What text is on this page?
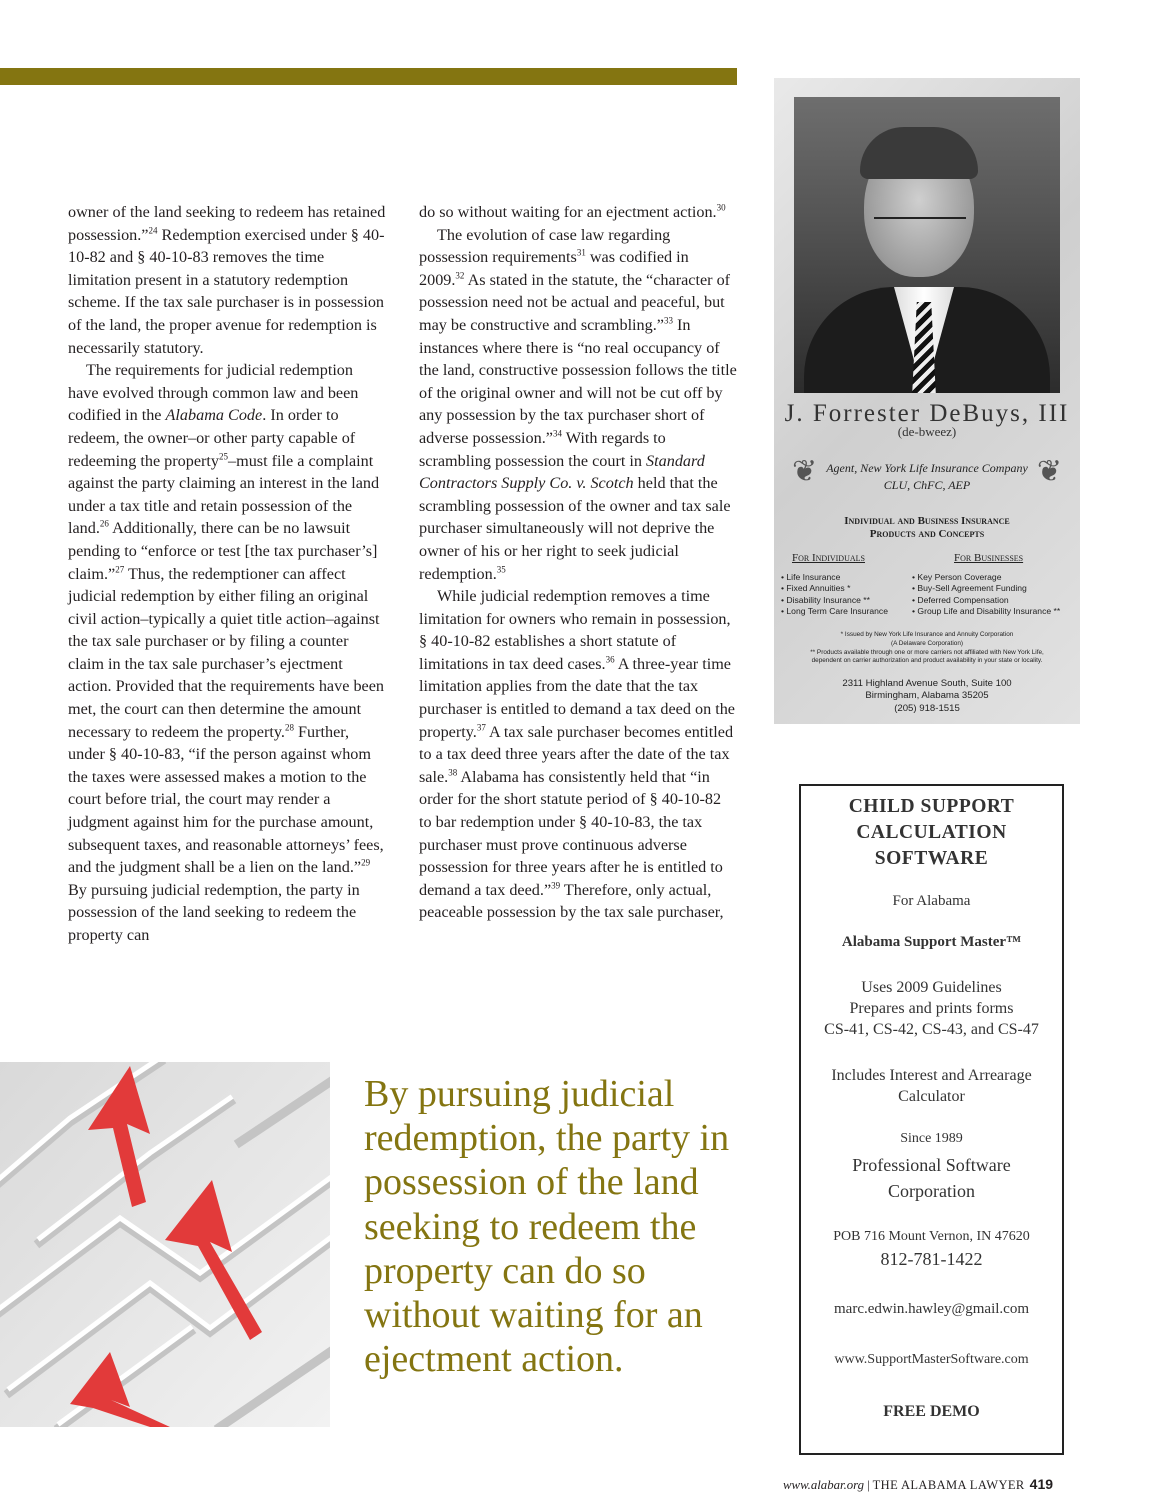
owner of the land seeking to redeem has retained possession.”$^{24}$ Redemption exercised under § 40-10-82 and § 40-10-83 removes the time limitation present in a statutory redemption scheme. If the tax sale purchaser is in possession of the land, the proper avenue for redemption is necessarily statutory.

The requirements for judicial redemption have evolved through common law and been codified in the Alabama Code. In order to redeem, the owner–or other party capable of redeeming the property$^{25}$–must file a complaint against the party claiming an interest in the land under a tax title and retain possession of the land.$^{26}$ Additionally, there can be no lawsuit pending to “enforce or test [the tax purchaser’s] claim.”$^{27}$ Thus, the redemptioner can affect judicial redemption by either filing an original civil action–typically a quiet title action–against the tax sale purchaser or by filing a counter claim in the tax sale purchaser’s ejectment action. Provided that the requirements have been met, the court can then determine the amount necessary to redeem the property.$^{28}$ Further, under § 40-10-83, “if the person against whom the taxes were assessed makes a motion to the court before trial, the court may render a judgment against him for the purchase amount, subsequent taxes, and reasonable attorneys’ fees, and the judgment shall be a lien on the land.”$^{29}$ By pursuing judicial redemption, the party in possession of the land seeking to redeem the property can

do so without waiting for an ejectment action.$^{30}$

The evolution of case law regarding possession requirements$^{31}$ was codified in 2009.32 As stated in the statute, the “character of possession need not be actual and peaceful, but may be constructive and scrambling.”$^{33}$ In instances where there is “no real occupancy of the land, constructive possession follows the title of the original owner and will not be cut off by any possession by the tax purchaser short of adverse possession.”$^{34}$ With regards to scrambling possession the court in Standard Contractors Supply Co. v. Scotch held that the scrambling possession of the owner and tax sale purchaser simultaneously will not deprive the owner of his or her right to seek judicial redemption.$^{35}$

While judicial redemption removes a time limitation for owners who remain in possession, § 40-10-82 establishes a short statute of limitations in tax deed cases.$^{36}$ A three-year time limitation applies from the date that the tax purchaser is entitled to demand a tax deed on the property.$^{37}$ A tax sale purchaser becomes entitled to a tax deed three years after the date of the tax sale.$^{38}$ Alabama has consistently held that “in order for the short statute period of § 40-10-82 to bar redemption under § 40-10-83, the tax purchaser must prove continuous adverse possession for three years after he is entitled to demand a tax deed.”$^{39}$ Therefore, only actual, peaceable possession by the tax sale purchaser,

J. Forrester DeBuys, III
(de-bweez)
❦	❦
Agent, New York Life Insurance Company
CLU, ChFC, AEP
Individual and Business Insurance
Products and Concepts
For Individuals	For Businesses
• Life Insurance
• Fixed Annuities *
• Disability Insurance **
• Long Term Care Insurance
• Key Person Coverage
• Buy-Sell Agreement Funding
• Deferred Compensation
• Group Life and Disability Insurance **
* Issued by New York Life Insurance and Annuity Corporation
(A Delaware Corporation)
** Products available through one or more carriers not affiliated with New York Life,
dependent on carrier authorization and product availability in your state or locality.
2311 Highland Avenue South, Suite 100
Birmingham, Alabama 35205
(205) 918-1515
CHILD SUPPORT
CALCULATION
SOFTWARE
For Alabama
Alabama Support Master™
Uses 2009 Guidelines
Prepares and prints forms
CS-41, CS-42, CS-43, and CS-47
Includes Interest and Arrearage
Calculator
Since 1989
Professional Software
Corporation
POB 716 Mount Vernon, IN 47620
812-781-1422
marc.edwin.hawley@gmail.com
www.SupportMasterSoftware.com
FREE DEMO
By pursuing judicial redemption, the party in possession of the land seeking to redeem the property can do so without waiting for an ejectment action.
www.alabar.org | THE ALABAMA LAWYER 419
